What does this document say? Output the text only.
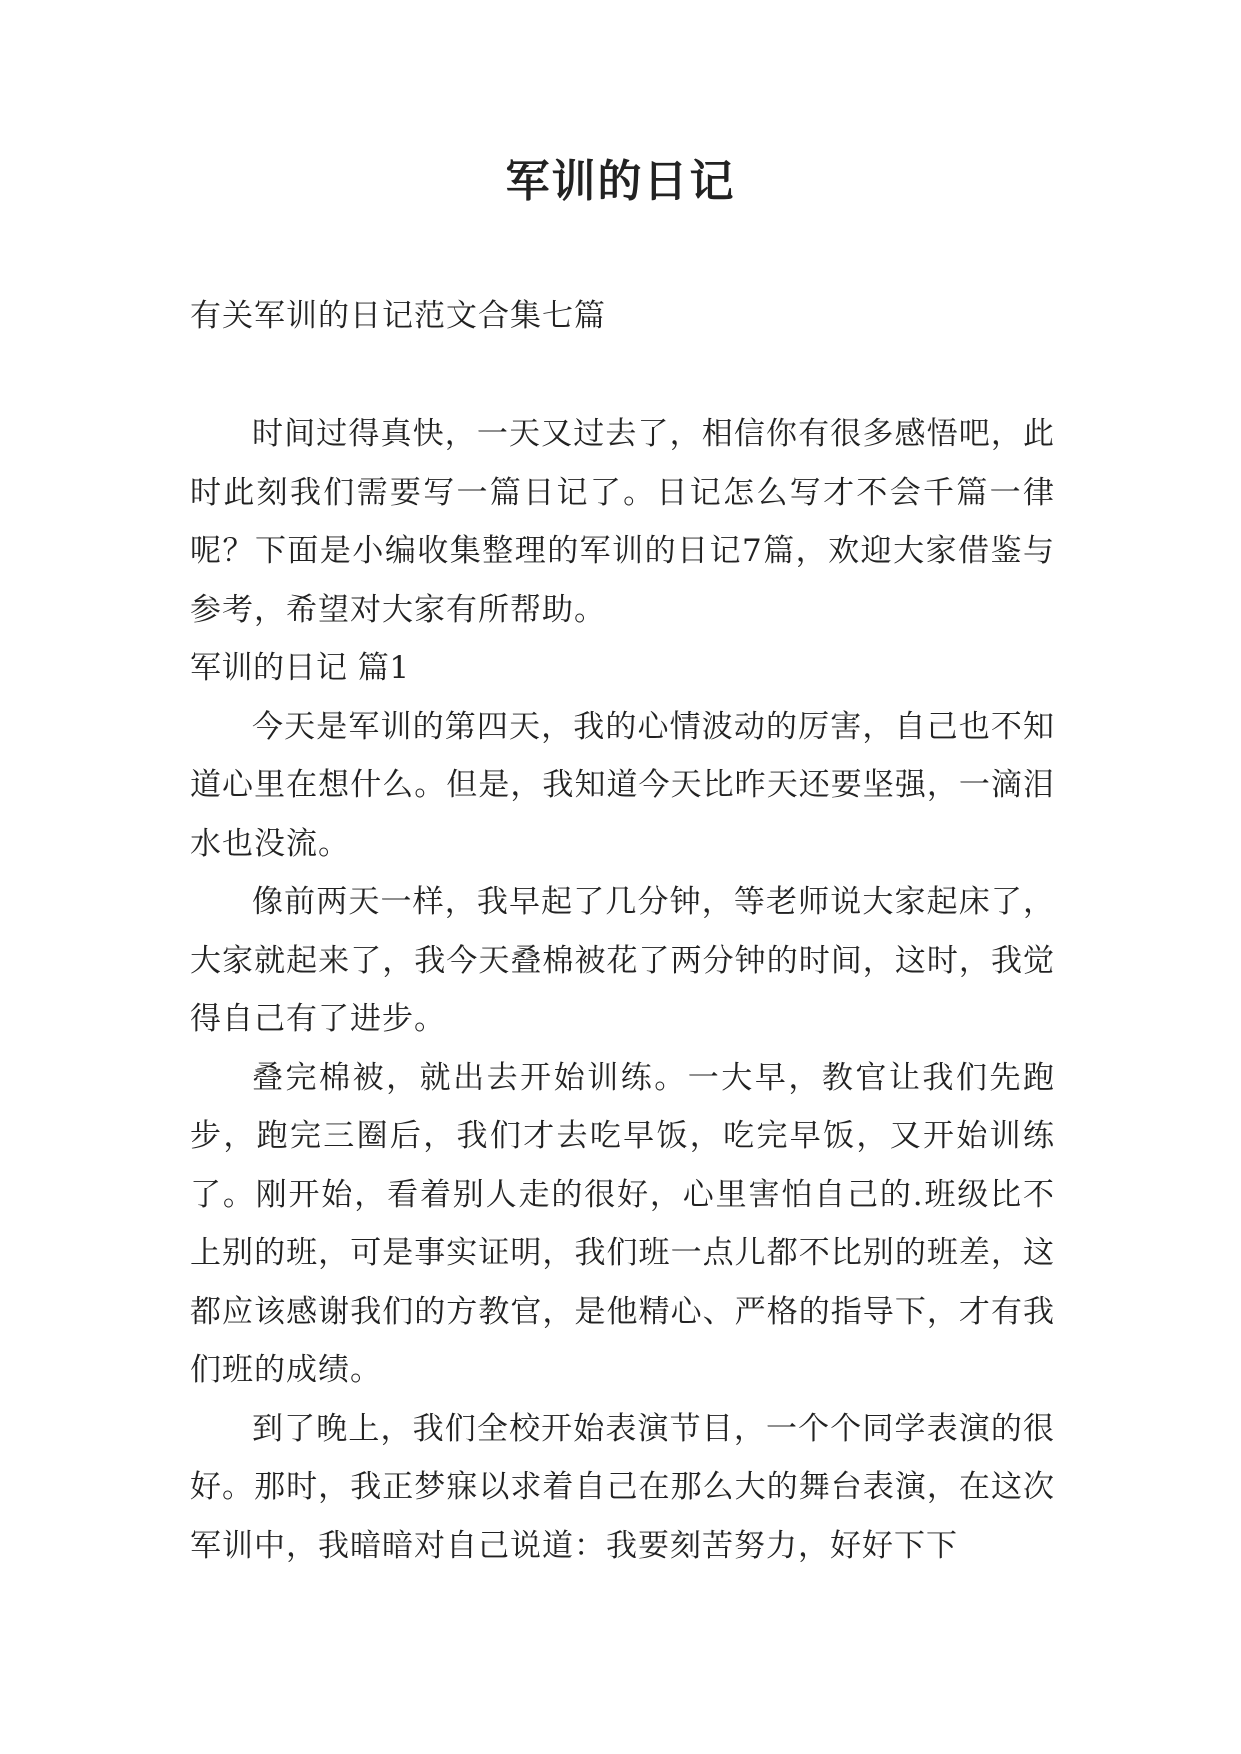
军训的日记
有关军训的日记范文合集七篇

时间过得真快，一天又过去了，相信你有很多感悟吧，此时此刻我们需要写一篇日记了。日记怎么写才不会千篇一律呢？下面是小编收集整理的军训的日记7篇，欢迎大家借鉴与参考，希望对大家有所帮助。

军训的日记 篇1

今天是军训的第四天，我的心情波动的厉害，自己也不知道心里在想什么。但是，我知道今天比昨天还要坚强，一滴泪水也没流。

像前两天一样，我早起了几分钟，等老师说大家起床了，大家就起来了，我今天叠棉被花了两分钟的时间，这时，我觉得自己有了进步。

叠完棉被，就出去开始训练。一大早，教官让我们先跑步，跑完三圈后，我们才去吃早饭，吃完早饭，又开始训练了。刚开始，看着别人走的很好，心里害怕自己的.班级比不上别的班，可是事实证明，我们班一点儿都不比别的班差，这都应该感谢我们的方教官，是他精心、严格的指导下，才有我们班的成绩。

到了晚上，我们全校开始表演节目，一个个同学表演的很好。那时，我正梦寐以求着自己在那么大的舞台表演，在这次军训中，我暗暗对自己说道：我要刻苦努力，好好下下
